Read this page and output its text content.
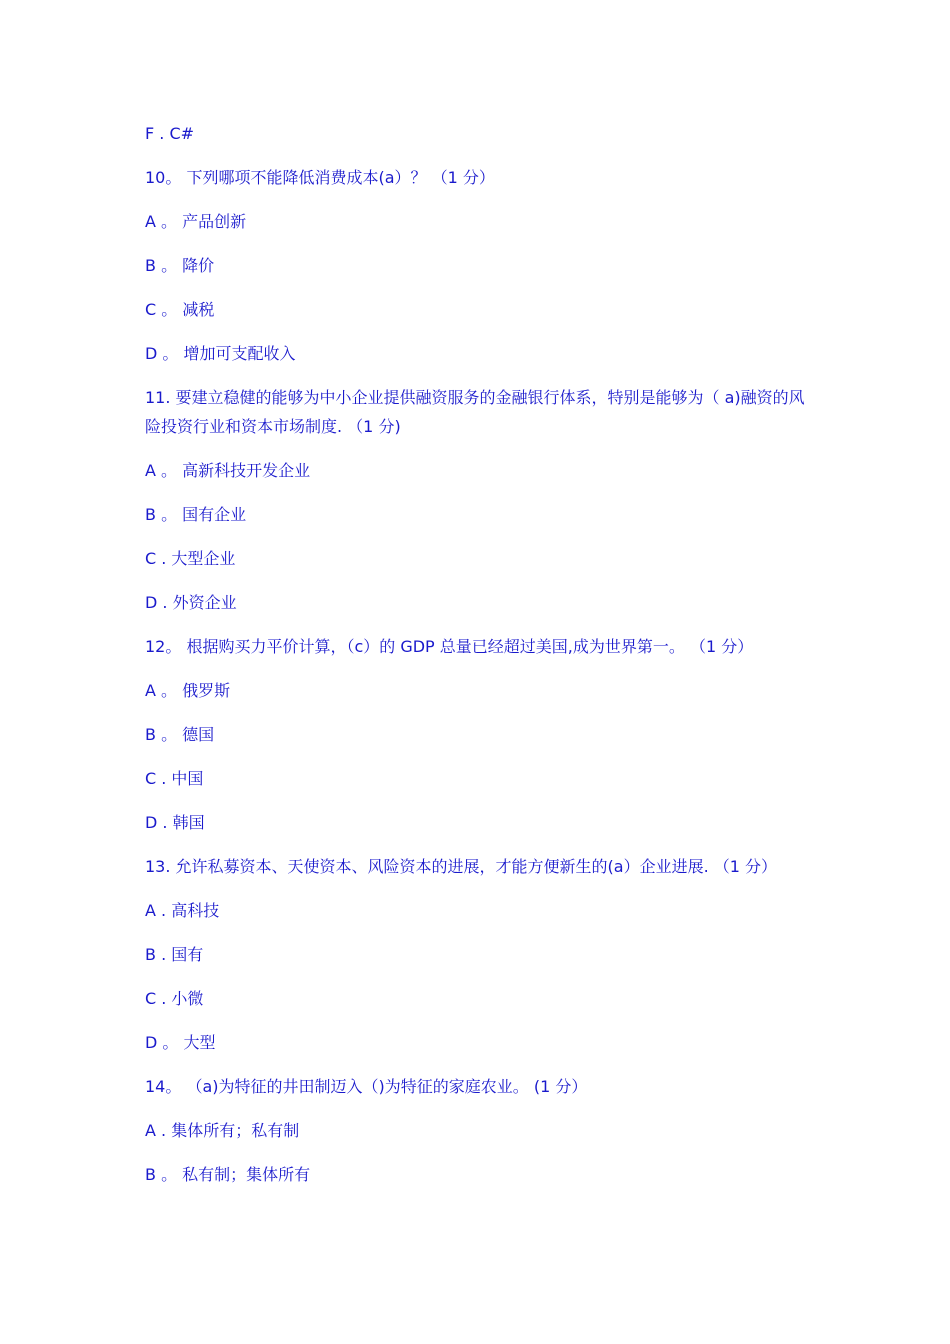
F . C#
10。 下列哪项不能降低消费成本(a）？ （1 分）
A 。 产品创新
B 。 降价
C 。 减税
D 。 增加可支配收入
11. 要建立稳健的能够为中小企业提供融资服务的金融银行体系，特别是能够为（ a)融资的风险投资行业和资本市场制度. （1 分)
A 。 高新科技开发企业
B 。 国有企业
C . 大型企业
D . 外资企业
12。 根据购买力平价计算，（c）的 GDP 总量已经超过美国,成为世界第一。 （1 分）
A 。 俄罗斯
B 。 德国
C . 中国
D . 韩国
13. 允许私募资本、天使资本、风险资本的进展，才能方便新生的(a）企业进展. （1 分）
A . 高科技
B . 国有
C . 小微
D 。 大型
14。 （a)为特征的井田制迈入（)为特征的家庭农业。 (1 分）
A . 集体所有；私有制
B 。 私有制；集体所有
